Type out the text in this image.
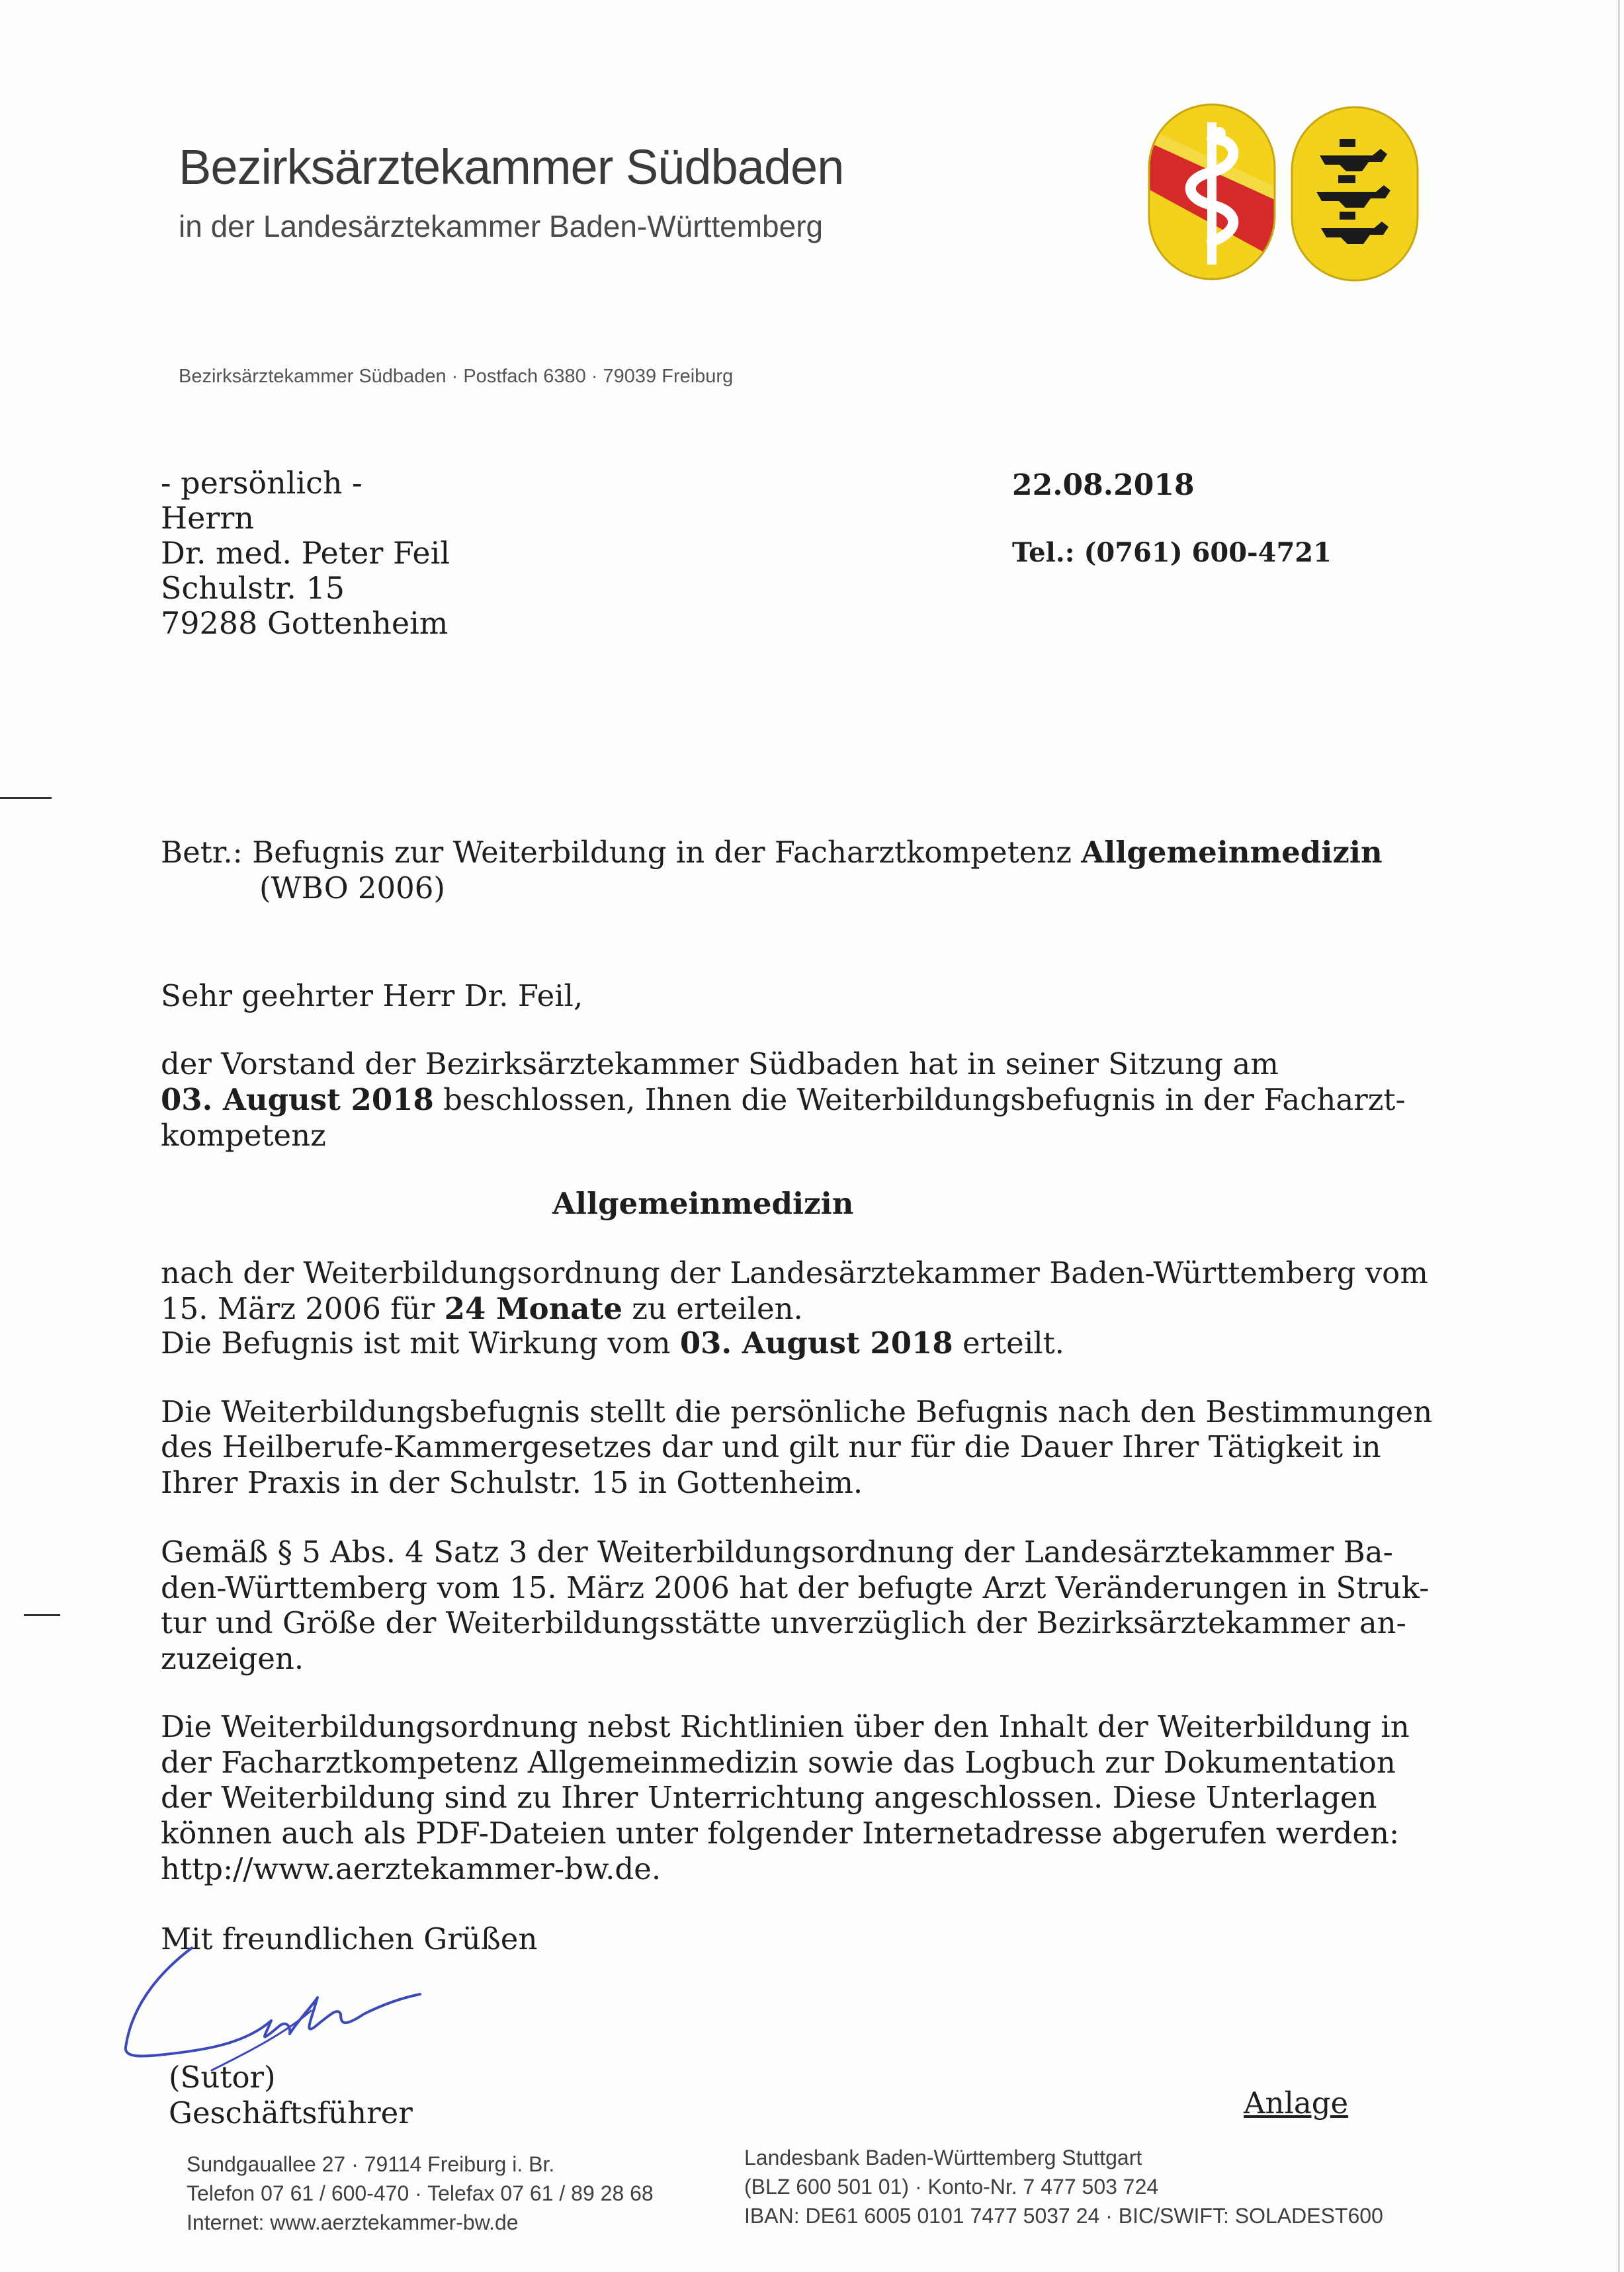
Bezirksärztekammer Südbaden
in der Landesärztekammer Baden-Württemberg
Bezirksärztekammer Südbaden · Postfach 6380 · 79039 Freiburg
- persönlich -
Herrn
Dr. med. Peter Feil
Schulstr. 15
79288 Gottenheim
22.08.2018
Tel.: (0761) 600-4721
Betr.: Befugnis zur Weiterbildung in der Facharztkompetenz Allgemeinmedizin
(WBO 2006)
Sehr geehrter Herr Dr. Feil,
der Vorstand der Bezirksärztekammer Südbaden hat in seiner Sitzung am
03. August 2018 beschlossen, Ihnen die Weiterbildungsbefugnis in der Facharzt-
kompetenz
Allgemeinmedizin
nach der Weiterbildungsordnung der Landesärztekammer Baden-Württemberg vom
15. März 2006 für 24 Monate zu erteilen.
Die Befugnis ist mit Wirkung vom 03. August 2018 erteilt.
Die Weiterbildungsbefugnis stellt die persönliche Befugnis nach den Bestimmungen
des Heilberufe-Kammergesetzes dar und gilt nur für die Dauer Ihrer Tätigkeit in
Ihrer Praxis in der Schulstr. 15 in Gottenheim.
Gemäß § 5 Abs. 4 Satz 3 der Weiterbildungsordnung der Landesärztekammer Ba-
den-Württemberg vom 15. März 2006 hat der befugte Arzt Veränderungen in Struk-
tur und Größe der Weiterbildungsstätte unverzüglich der Bezirksärztekammer an-
zuzeigen.
Die Weiterbildungsordnung nebst Richtlinien über den Inhalt der Weiterbildung in
der Facharztkompetenz Allgemeinmedizin sowie das Logbuch zur Dokumentation
der Weiterbildung sind zu Ihrer Unterrichtung angeschlossen. Diese Unterlagen
können auch als PDF-Dateien unter folgender Internetadresse abgerufen werden:
http://www.aerztekammer-bw.de.
Mit freundlichen Grüßen
(Sutor)
Geschäftsführer	Anlage
Sundgauallee 27 · 79114 Freiburg i. Br.
Telefon 07 61 / 600-470 · Telefax 07 61 / 89 28 68
Internet: www.aerztekammer-bw.de
Landesbank Baden-Württemberg Stuttgart
(BLZ 600 501 01) · Konto-Nr. 7 477 503 724
IBAN: DE61 6005 0101 7477 5037 24 · BIC/SWIFT: SOLADEST600
